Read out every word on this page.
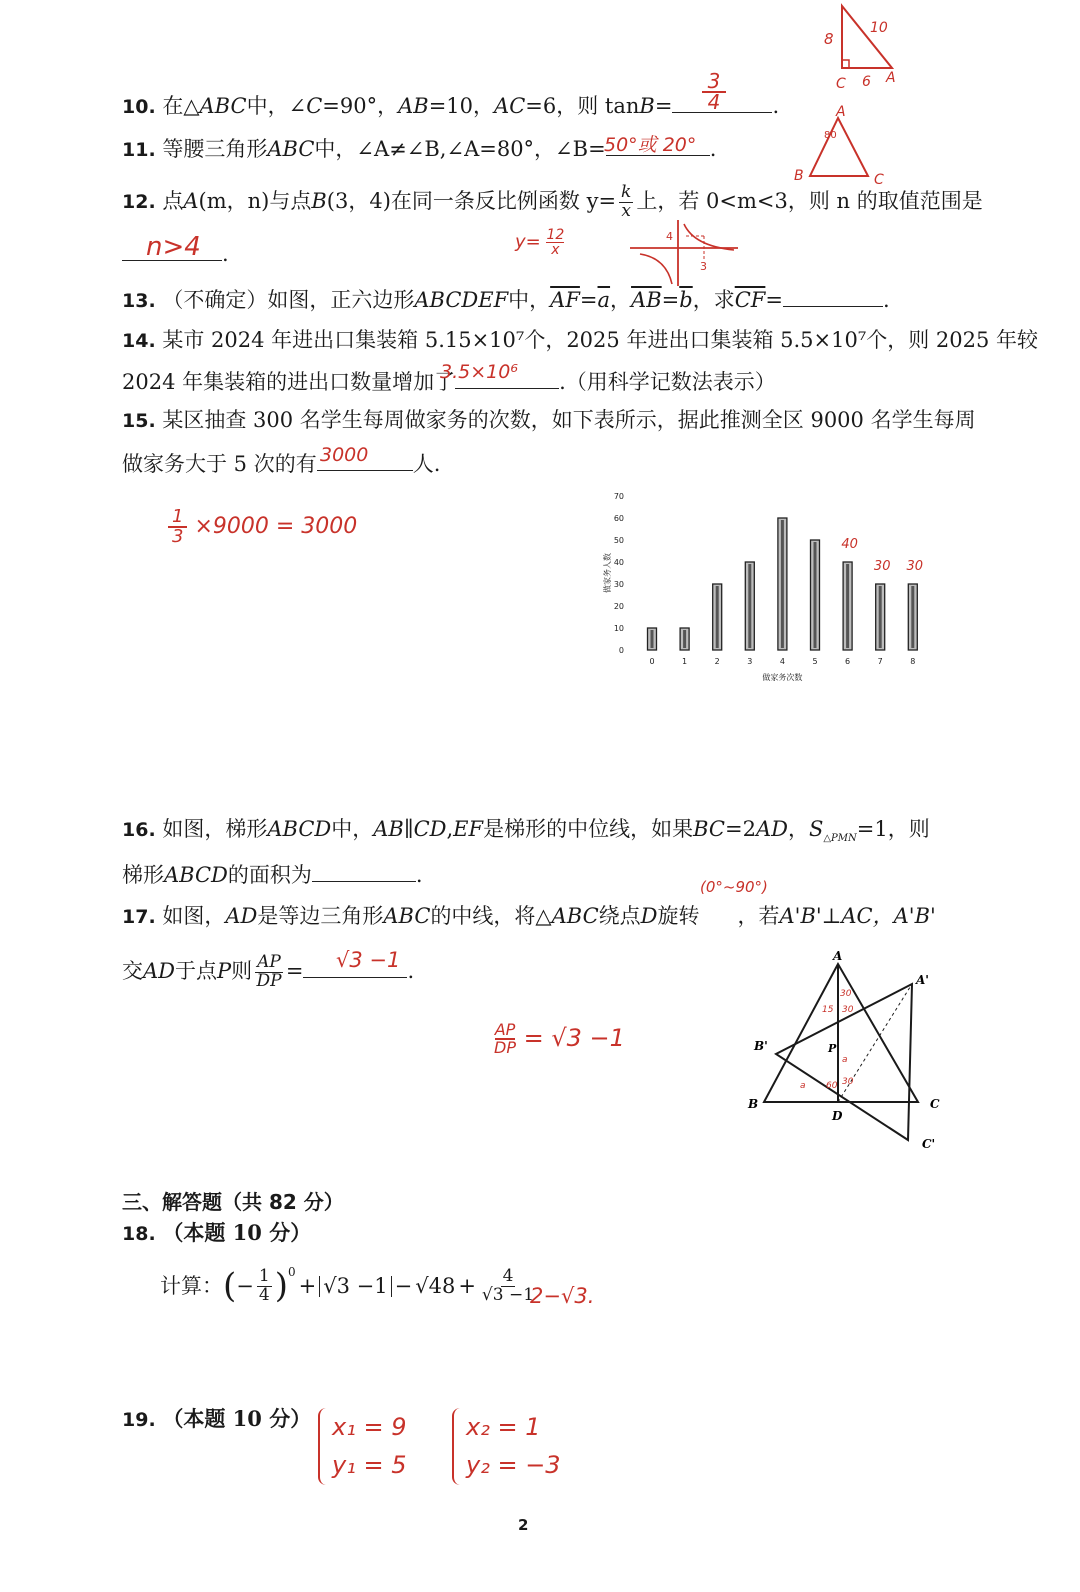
10. 在△ABC中，∠C=90°，AB=10，AC=6，则 tanB=	.
3
4
8
10
6
C	A
11. 等腰三角形ABC中，∠A≠∠B,∠A=80°，∠B=	.
50°或 20°
A
80
B	C
12. 点A(m，n)与点B(3，4)在同一条反比例函数 $y= \frac{k}{x}$ 上，若 0<m<3，则 n 的取值范围是
.
n>4	$y= \frac{12}{x}$	4
3
13. （不确定）如图，正六边形ABCDEF中，$\overline{AF}=\overline{a}$，$\overline{AB}=\overline{b}$，求$\overline{CF}=$	.
14. 某市 2024 年进出口集装箱 5.15×10⁷个，2025 年进出口集装箱 5.5×10⁷个，则 2025 年较
2024 年集装箱的进出口数量增加了	.（用科学记数法表示）
3.5×10⁶
15. 某区抽查 300 名学生每周做家务的次数，如下表所示，据此推测全区 9000 名学生每周
做家务大于 5 次的有	人.
3000
$\frac{1}{3} \times 9000 = 3000$
做家务人数
做家务次数
0
10
20
30
40
50
60
70
0	1	2	3	4	5	6	7	8
40
30 30
16. 如图，梯形ABCD中，AB∥CD,EF是梯形的中位线，如果BC=2AD，$S_{\triangle PMN}=1$，则
梯形ABCD的面积为	.	(0°~90°)
17. 如图，AD是等边三角形ABC的中线，将△ABC绕点D旋转 ，若A'B'⊥AC，A'B'
交AD于点P则 $\frac{AP}{DP}$ =	.
√3 −1
$\frac{AP}{DP} = √3 -1$
A
A'
B'
B	C
C'
D
P
30
15 30
60 30
a
a
三、解答题（共 82 分）
18. （本题 10 分）
计算： ( − $\frac{1}{4} )^0$
+ $√3 -1 - √48 + \frac{4}{√3 -1}$
2−√3.
19. （本题 10 分） x₁ = 9
y₁ = 5
x₂ = 1
y₂ = −3
2
